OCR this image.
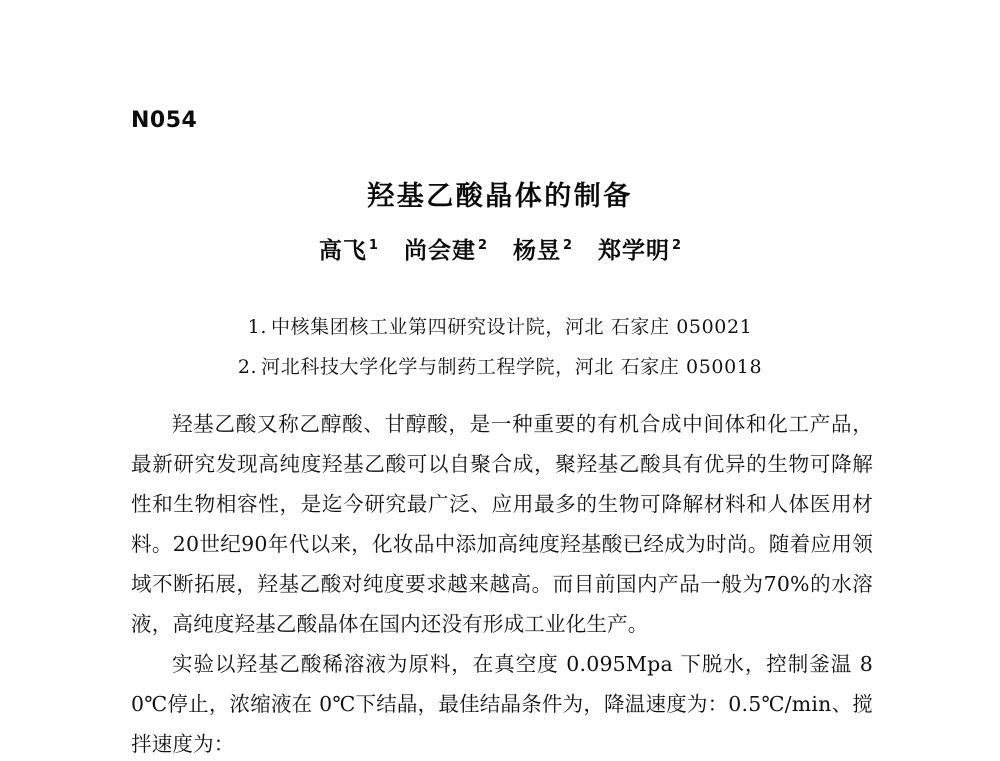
N054
羟基乙酸晶体的制备
高飞 $^1$ 尚会建 $^2$ 杨昱 $^2$ 郑学明 $^2$
1. 中核集团核工业第四研究设计院，河北 石家庄 050021
2. 河北科技大学化学与制药工程学院，河北 石家庄 050018

羟基乙酸又称乙醇酸、甘醇酸，是一种重要的有机合成中间体和化工产品，最新研究发现高纯度羟基乙酸可以自聚合成，聚羟基乙酸具有优异的生物可降解性和生物相容性，是迄今研究最广泛、应用最多的生物可降解材料和人体医用材料。20世纪90年代以来，化妆品中添加高纯度羟基酸已经成为时尚。随着应用领域不断拓展，羟基乙酸对纯度要求越来越高。而目前国内产品一般为70%的水溶液，高纯度羟基乙酸晶体在国内还没有形成工业化生产。

实验以羟基乙酸稀溶液为原料，在真空度 0.095Mpa 下脱水，控制釜温 80℃停止，浓缩液在 0℃下结晶，最佳结晶条件为，降温速度为：0.5℃/min、搅拌速度为：
